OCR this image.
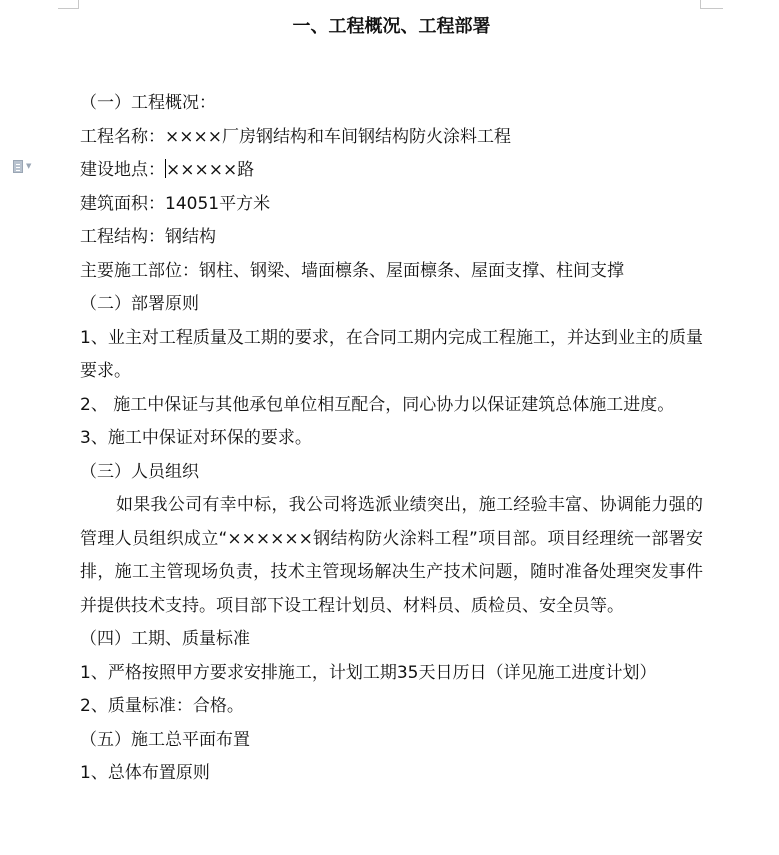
一、工程概况、工程部署
▼
（一）工程概况：
工程名称：××××厂房钢结构和车间钢结构防火涂料工程
建设地点：×××××路
建筑面积：14051平方米
工程结构：钢结构
主要施工部位：钢柱、钢梁、墙面檩条、屋面檩条、屋面支撑、柱间支撑
（二）部署原则
1、业主对工程质量及工期的要求，在合同工期内完成工程施工，并达到业主的质量要求。
2、 施工中保证与其他承包单位相互配合，同心协力以保证建筑总体施工进度。
3、施工中保证对环保的要求。
（三）人员组织
如果我公司有幸中标，我公司将选派业绩突出，施工经验丰富、协调能力强的管理人员组织成立“××××××钢结构防火涂料工程”项目部。项目经理统一部署安排，施工主管现场负责，技术主管现场解决生产技术问题，随时准备处理突发事件并提供技术支持。项目部下设工程计划员、材料员、质检员、安全员等。
（四）工期、质量标准
1、严格按照甲方要求安排施工，计划工期35天日历日（详见施工进度计划）
2、质量标准：合格。
（五）施工总平面布置
1、总体布置原则
